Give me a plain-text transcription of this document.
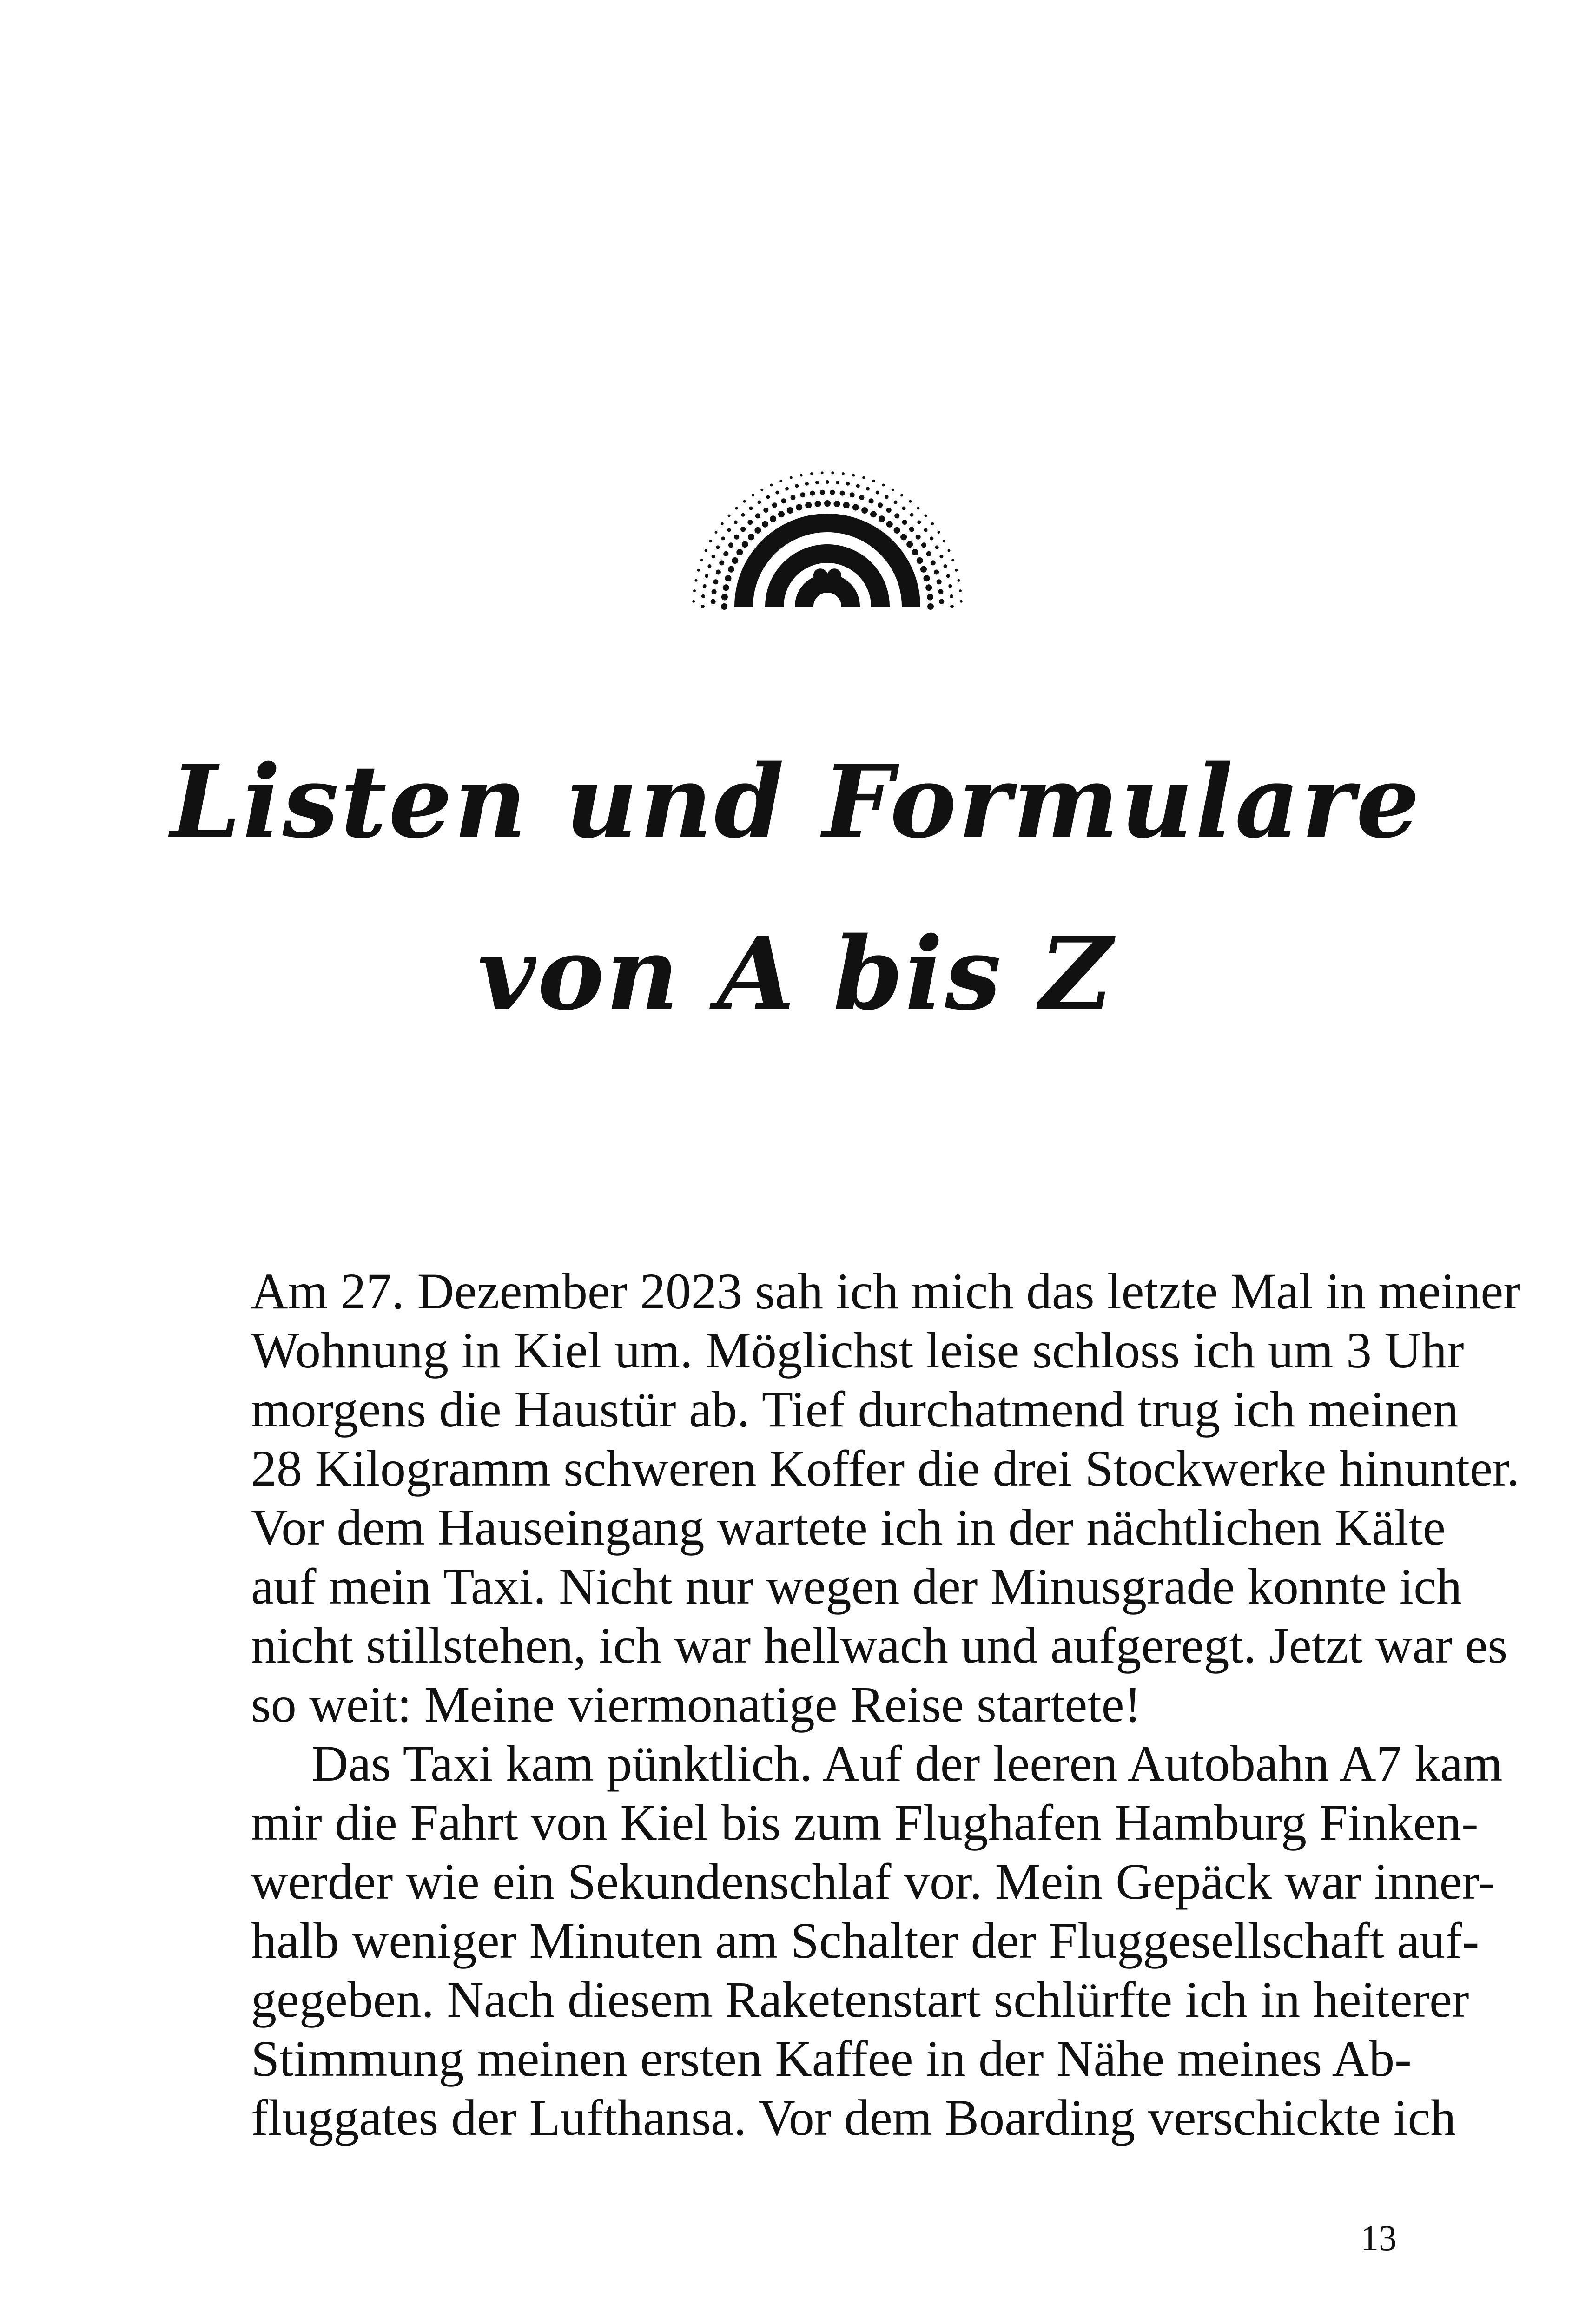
Listen und Formulare
von A bis Z

Am 27. Dezember 2023 sah ich mich das letzte Mal in meiner
Wohnung in Kiel um. Möglichst leise schloss ich um 3 Uhr
morgens die Haustür ab. Tief durchatmend trug ich meinen
28 Kilogramm schweren Koffer die drei Stockwerke hinunter.
Vor dem Hauseingang wartete ich in der nächtlichen Kälte
auf mein Taxi. Nicht nur wegen der Minusgrade konnte ich
nicht stillstehen, ich war hellwach und aufgeregt. Jetzt war es
so weit: Meine viermonatige Reise startete!

Das Taxi kam pünktlich. Auf der leeren Autobahn A7 kam
mir die Fahrt von Kiel bis zum Flughafen Hamburg Finken-
werder wie ein Sekundenschlaf vor. Mein Gepäck war inner-
halb weniger Minuten am Schalter der Fluggesellschaft auf-
gegeben. Nach diesem Raketenstart schlürfte ich in heiterer
Stimmung meinen ersten Kaffee in der Nähe meines Ab-
fluggates der Lufthansa. Vor dem Boarding verschickte ich

13
